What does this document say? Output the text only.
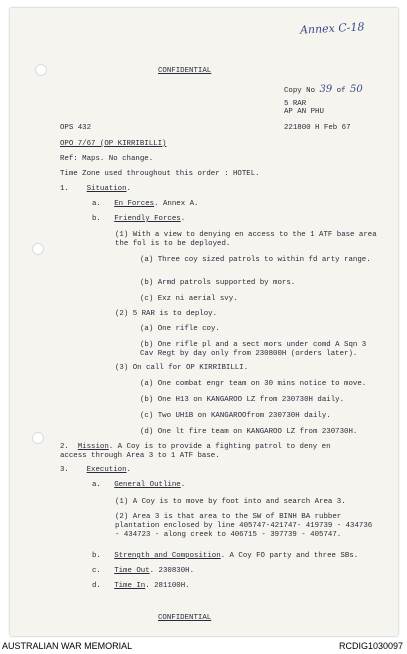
Annex C-18
CONFIDENTIAL
Copy No 39 of 50
5 RAR
AP AN PHU
221800 H Feb 67
OPS 432
OPO 7/67 (OP KIRRIBILLI)
Ref: Maps. No change.
Time Zone used throughout this order : HOTEL.
1. Situation.
a. En Forces. Annex A.
b. Friendly Forces.
(1) With a view to denying en access to the 1 ATF base area the fol is to be deployed.
(a) Three coy sized patrols to within fd arty range.
(b) Armd patrols supported by mors.
(c) Exz ni aerial svy.
(2) 5 RAR is to deploy.
(a) One rifle coy.
(b) One rifle pl and a sect mors under comd A Sqn 3 Cav Regt by day only from 230800H (orders later).
(3) On call for OP KIRRIBILLI.
(a) One combat engr team on 30 mins notice to move.
(b) One H13 on KANGAROO LZ from 230730H daily.
(c) Two UH1B on KANGAROOfrom 230730H daily.
(d) One lt fire team on KANGAROO LZ from 230730H.
2. Mission. A Coy is to provide a fighting patrol to deny en access through Area 3 to 1 ATF base.
3. Execution.
a. General Outline.
(1) A Coy is to move by foot into and search Area 3.
(2) Area 3 is that area to the SW of BINH BA rubber plantation enclosed by line 405747-421747- 419739 - 434736 - 434723 - along creek to 406715 - 397739 - 405747.
b. Strength and Composition. A Coy FO party and three SBs.
c. Time Out. 230830H.
d. Time In. 281100H.
CONFIDENTIAL
AUSTRALIAN WAR MEMORIAL	RCDIG1030097
